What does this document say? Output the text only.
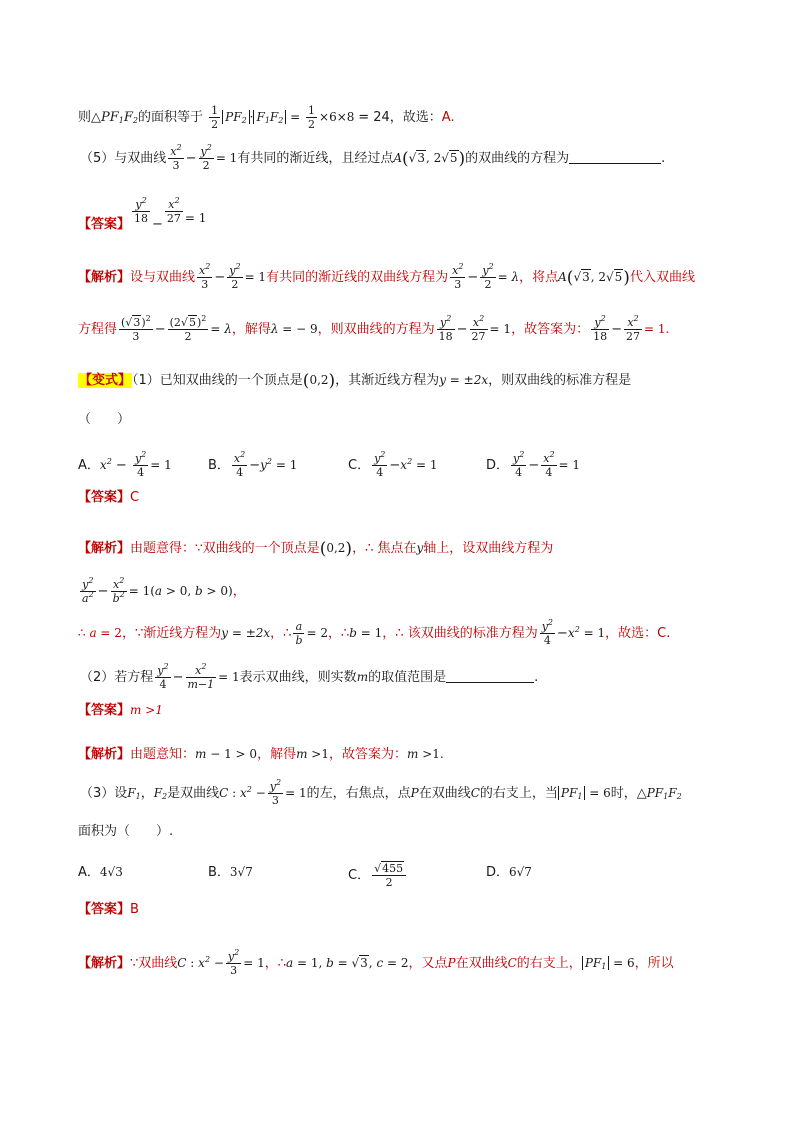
则$\triangle PF_1F_2$的面积等于 $\frac{1}{2} PF_2 \cdot F_1F_2 = \frac{1}{2} \times 6\times 8 = 24$，故选：A.
（5）与双曲线 $\frac{x^2}{3} - \frac{y^2}{2} = 1$有共同的渐近线，且经过点A(√3, 2√5)的双曲线的方程为	.
【答案】 $\frac{y^2}{18} - \frac{x^2}{27} = 1$
【解析】设与双曲线 $\frac{x^2}{3} - \frac{y^2}{2} = 1$有共同的渐近线的双曲线方程为 $\frac{x^2}{3} - \frac{y^2}{2} = \lambda$，将点A(√3, 2√5)代入双曲线
方程得 $\frac{(√3)^2}{3} - \frac{(2√5)^2}{2} = \lambda$，解得λ = − 9，则双曲线的方程为 $\frac{y^2}{18} - \frac{x^2}{27} = 1$，故答案为： $\frac{y^2}{18} - \frac{x^2}{27} = 1$.
【变式】（1）已知双曲线的一个顶点是(0,2)，其渐近线方程为y = ±2x，则双曲线的标准方程是
（　　）
A．$x^2 - \frac{y^2}{4} = 1$	B． $\frac{x^2}{4} -y^2 = 1$	C． $\frac{y^2}{4} -x^2 = 1$	D． $\frac{y^2}{4} - \frac{x^2}{4} = 1$
【答案】C
【解析】由题意得：∵双曲线的一个顶点是(0,2)，∴ 焦点在y轴上，设双曲线方程为
$\frac{y^2}{a^2} - \frac{x^2}{b^2} = 1(a > 0$, b > 0)，
∴ a = 2，∵渐近线方程为y = ±2x，∴ $\frac{a}{b} = 2$，∴b = 1，∴ 该双曲线的标准方程为 $\frac{y^2}{4} -x^2 = 1$，故选：C.
（2）若方程 $\frac{y^2}{4} - \frac{x^2}{m-1} = 1$表示双曲线，则实数m的取值范围是	.
【答案】m >1
【解析】由题意知：m − 1 > 0，解得m >1，故答案为：m >1.
（3）设$F_1$，$F_2$是双曲线C : $x^2 - \frac{y^2}{3} = 1$的左，右焦点，点P在双曲线C的右支上，当 $PF_1 = 6$时，$\triangle PF_1F_2$
面积为（　　）.
A．4√3	B．3√7	C． $\frac{√455}{2}$	D．6√7
【答案】B
【解析】∵双曲线C : $x^2 - \frac{y^2}{3} = 1$，∴a = 1, b = √3, c = 2，又点P在双曲线C的右支上， $PF_1 = 6$，所以
